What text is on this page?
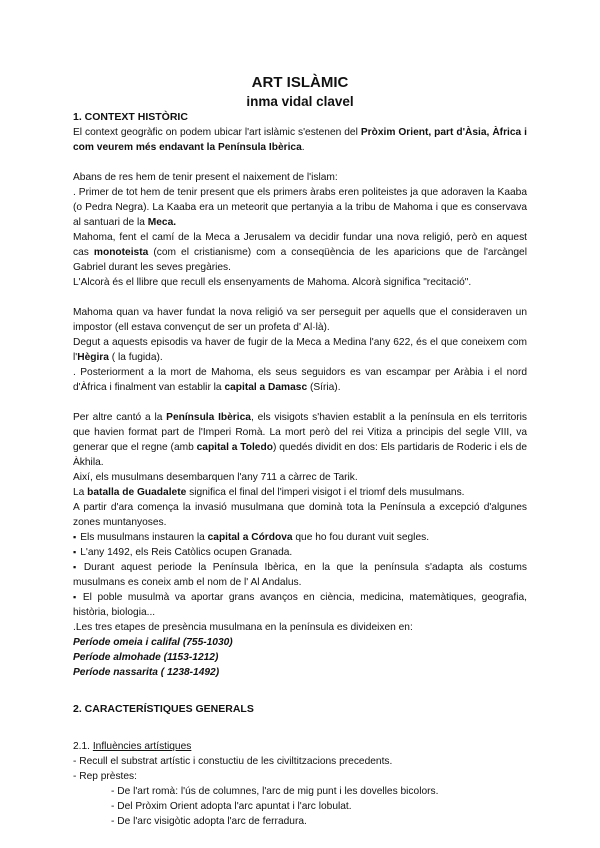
ART ISLÀMIC
inma vidal clavel
1. CONTEXT HISTÒRIC

El context geogràfic on podem ubicar l'art islàmic s'estenen del Pròxim Orient, part d'Àsia, Àfrica i com veurem més endavant la Península Ibèrica.

Abans de res hem de tenir present el naixement de l'islam:

. Primer de tot hem de tenir present que els primers àrabs eren politeistes ja que adoraven la Kaaba (o Pedra Negra). La Kaaba era un meteorit que pertanyia a la tribu de Mahoma i que es conservava al santuari de la Meca.

Mahoma, fent el camí de la Meca a Jerusalem va decidir fundar una nova religió, però en aquest cas monoteista (com el cristianisme) com a conseqüència de les aparicions que de l'arcàngel Gabriel durant les seves pregàries.

L'Alcorà és el llibre que recull els ensenyaments de Mahoma. Alcorà significa "recitació".

Mahoma quan va haver fundat la nova religió va ser perseguit per aquells que el consideraven un impostor (ell estava convençut de ser un profeta d' Al·là).

Degut a aquests episodis va haver de fugir de la Meca a Medina l'any 622, és el que coneixem com l'Hègira ( la fugida).

. Posteriorment a la mort de Mahoma, els seus seguidors es van escampar per Aràbia i el nord d'Àfrica i finalment van establir la capital a Damasc (Síria).

Per altre cantó a la Península Ibèrica, els visigots s'havien establit a la península en els territoris que havien format part de l'Imperi Romà. La mort però del rei Vitiza a principis del segle VIII, va generar que el regne (amb capital a Toledo) quedés dividit en dos: Els partidaris de Roderic i els de Àkhila.

Així, els musulmans desembarquen l'any 711 a càrrec de Tarik.

La batalla de Guadalete significa el final del l'imperi visigot i el triomf dels musulmans.

A partir d'ara comença la invasió musulmana que dominà tota la Península a excepció d'algunes zones muntanyoses.

▪ Els musulmans instauren la capital a Córdova que ho fou durant vuit segles.

▪ L'any 1492, els Reis Catòlics ocupen Granada.

▪ Durant aquest periode la Península Ibèrica, en la que la península s'adapta als costums musulmans es coneix amb el nom de l' Al Andalus.

▪ El poble musulmà va aportar grans avanços en ciència, medicina, matemàtiques, geografia, història, biologia...

.Les tres etapes de presència musulmana en la península es divideixen en:

Període omeia i califal (755-1030)

Període almohade (1153-1212)

Període nassarita ( 1238-1492)

2. CARACTERÍSTIQUES GENERALS

2.1. Influències artístiques

- Recull el substrat artístic i constuctiu de les civiltitzacions precedents.

- Rep prèstes:

- De l'art romà: l'ús de columnes, l'arc de mig punt i les dovelles bicolors.

- Del Pròxim Orient adopta l'arc apuntat i l'arc lobulat.

- De l'arc visigòtic adopta l'arc de ferradura.
